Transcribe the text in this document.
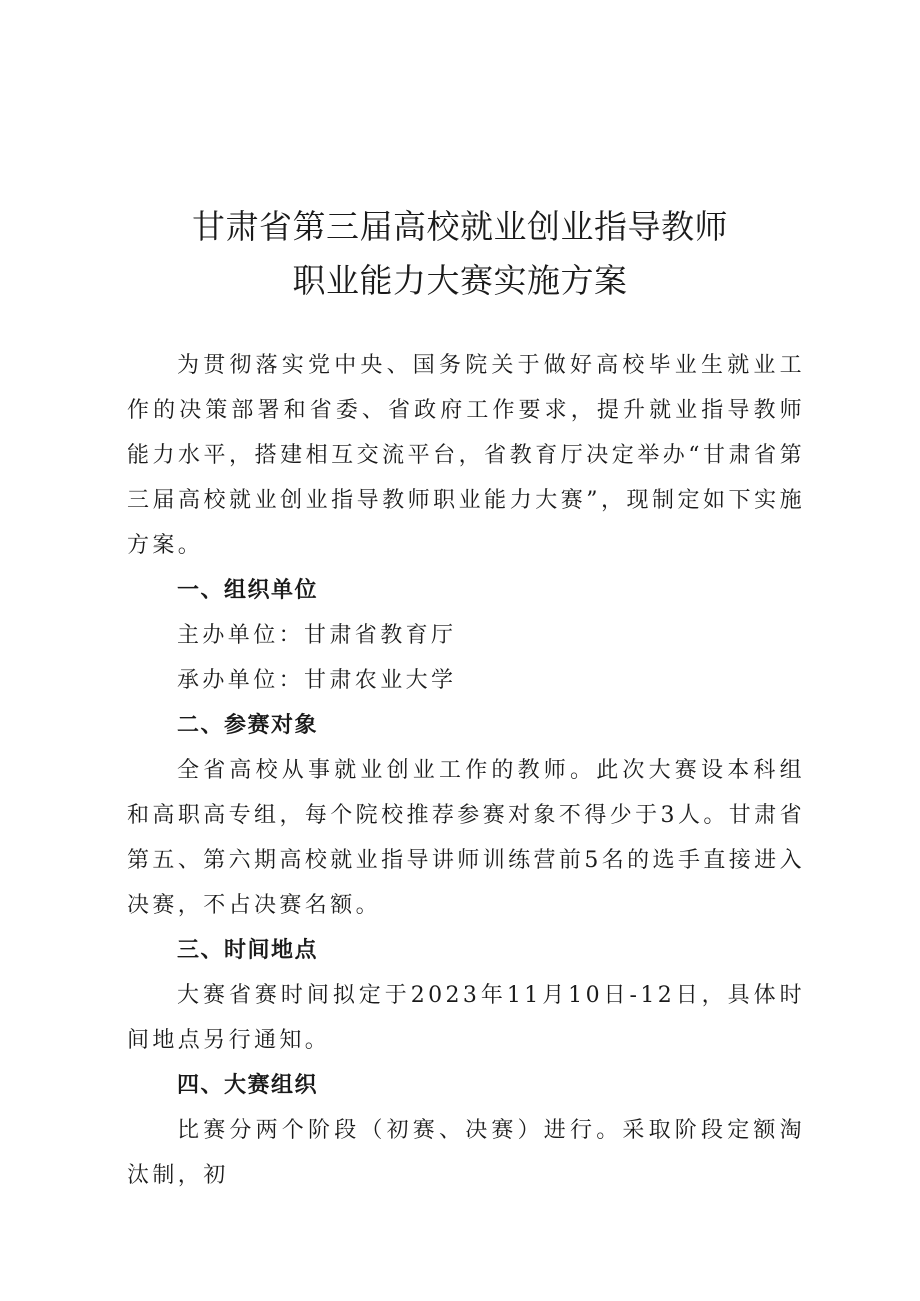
甘肃省第三届高校就业创业指导教师
职业能力大赛实施方案

为贯彻落实党中央、国务院关于做好高校毕业生就业工作的决策部署和省委、省政府工作要求，提升就业指导教师能力水平，搭建相互交流平台，省教育厅决定举办“甘肃省第三届高校就业创业指导教师职业能力大赛”，现制定如下实施方案。

一、组织单位

主办单位：甘肃省教育厅

承办单位：甘肃农业大学

二、参赛对象

全省高校从事就业创业工作的教师。此次大赛设本科组和高职高专组，每个院校推荐参赛对象不得少于3人。甘肃省第五、第六期高校就业指导讲师训练营前5名的选手直接进入决赛，不占决赛名额。

三、时间地点

大赛省赛时间拟定于2023年11月10日-12日，具体时间地点另行通知。

四、大赛组织

比赛分两个阶段（初赛、决赛）进行。采取阶段定额淘汰制，初
